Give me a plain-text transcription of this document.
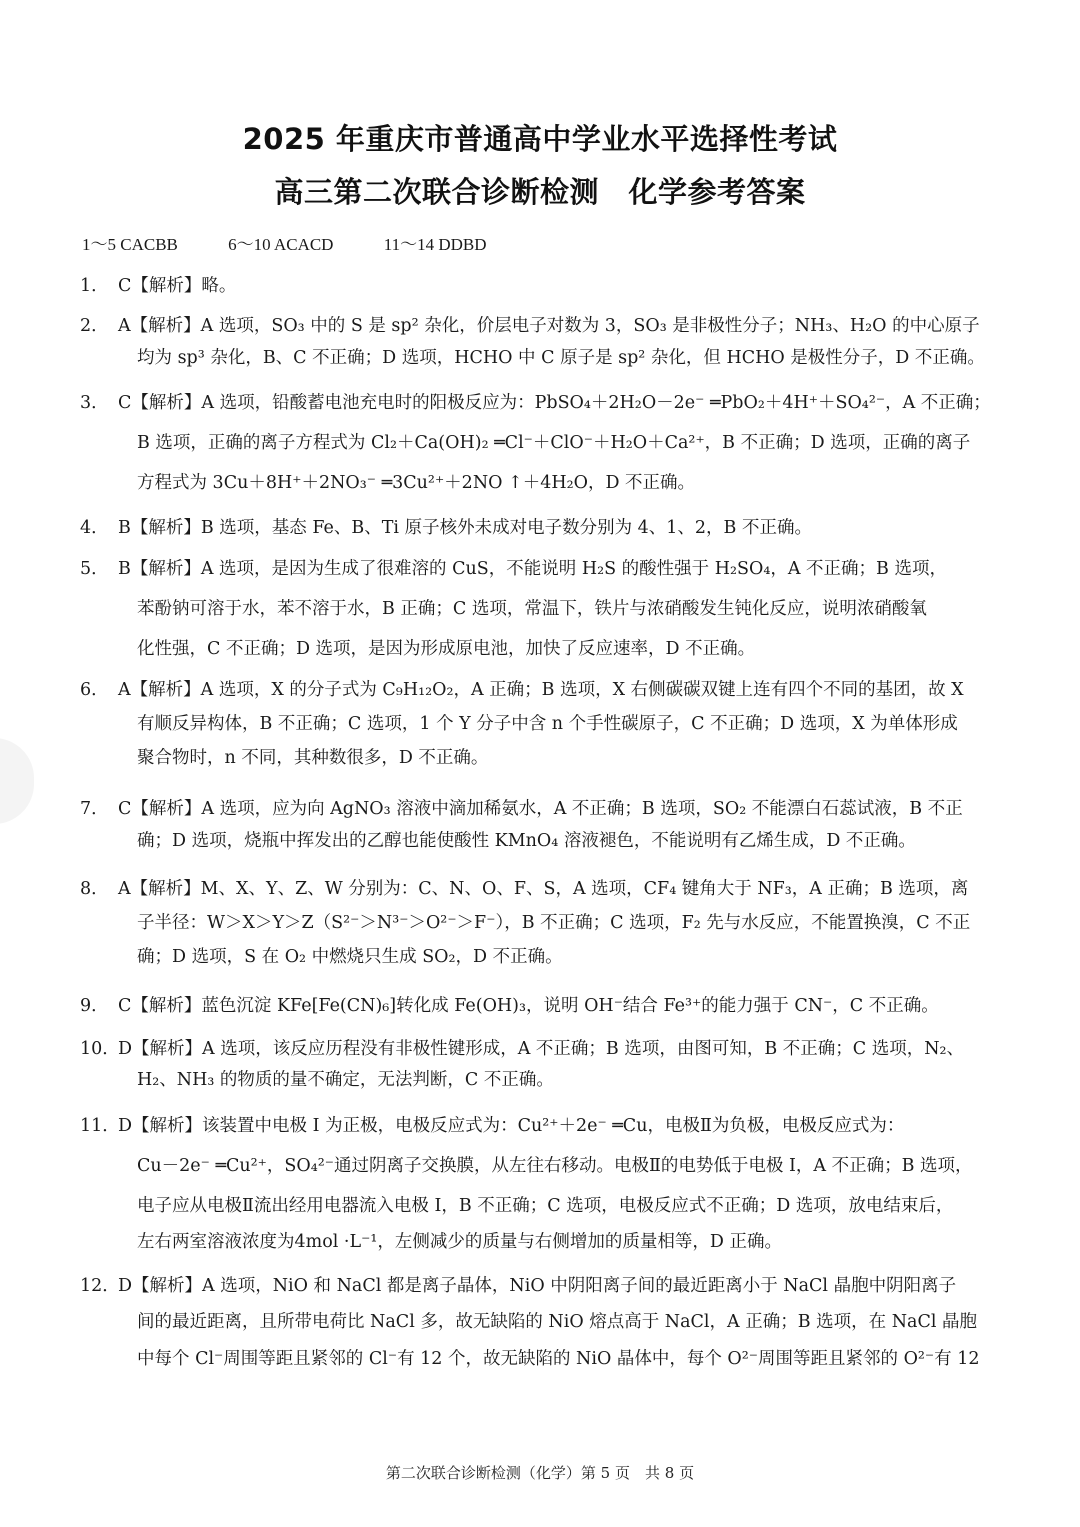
2025 年重庆市普通高中学业水平选择性考试
高三第二次联合诊断检测　化学参考答案
1～5 CACBB	6～10 ACACD	11～14 DDBD
1． C【解析】略。
2． A【解析】A 选项，SO₃ 中的 S 是 sp² 杂化，价层电子对数为 3，SO₃ 是非极性分子；NH₃、H₂O 的中心原子
均为 sp³ 杂化，B、C 不正确；D 选项，HCHO 中 C 原子是 sp² 杂化，但 HCHO 是极性分子，D 不正确。
3． C【解析】A 选项，铅酸蓄电池充电时的阳极反应为：PbSO₄＋2H₂O－2e⁻ ═PbO₂＋4H⁺＋SO₄²⁻，A 不正确；
B 选项，正确的离子方程式为 Cl₂＋Ca(OH)₂ ═Cl⁻＋ClO⁻＋H₂O＋Ca²⁺，B 不正确；D 选项，正确的离子
方程式为 3Cu＋8H⁺＋2NO₃⁻ ═3Cu²⁺＋2NO ↑＋4H₂O，D 不正确。
4． B【解析】B 选项，基态 Fe、B、Ti 原子核外未成对电子数分别为 4、1、2，B 不正确。
5． B【解析】A 选项，是因为生成了很难溶的 CuS，不能说明 H₂S 的酸性强于 H₂SO₄，A 不正确；B 选项，
苯酚钠可溶于水，苯不溶于水，B 正确；C 选项，常温下，铁片与浓硝酸发生钝化反应，说明浓硝酸氧
化性强，C 不正确；D 选项，是因为形成原电池，加快了反应速率，D 不正确。
6． A【解析】A 选项，X 的分子式为 C₉H₁₂O₂，A 正确；B 选项，X 右侧碳碳双键上连有四个不同的基团，故 X
有顺反异构体，B 不正确；C 选项，1 个 Y 分子中含 n 个手性碳原子，C 不正确；D 选项，X 为单体形成
聚合物时，n 不同，其种数很多，D 不正确。
7． C【解析】A 选项，应为向 AgNO₃ 溶液中滴加稀氨水，A 不正确；B 选项，SO₂ 不能漂白石蕊试液，B 不正
确；D 选项，烧瓶中挥发出的乙醇也能使酸性 KMnO₄ 溶液褪色，不能说明有乙烯生成，D 不正确。
8． A【解析】M、X、Y、Z、W 分别为：C、N、O、F、S，A 选项，CF₄ 键角大于 NF₃，A 正确；B 选项，离
子半径：W＞X＞Y＞Z（S²⁻＞N³⁻＞O²⁻＞F⁻），B 不正确；C 选项，F₂ 先与水反应，不能置换溴，C 不正
确；D 选项，S 在 O₂ 中燃烧只生成 SO₂，D 不正确。
9． C【解析】蓝色沉淀 KFe[Fe(CN)₆]转化成 Fe(OH)₃，说明 OH⁻结合 Fe³⁺的能力强于 CN⁻，C 不正确。
10．D【解析】A 选项，该反应历程没有非极性键形成，A 不正确；B 选项，由图可知，B 不正确；C 选项，N₂、
H₂、NH₃ 的物质的量不确定，无法判断，C 不正确。
11．D【解析】该装置中电极 Ⅰ 为正极，电极反应式为：Cu²⁺＋2e⁻ ═Cu，电极Ⅱ为负极，电极反应式为：
Cu－2e⁻ ═Cu²⁺，SO₄²⁻通过阴离子交换膜，从左往右移动。电极Ⅱ的电势低于电极 Ⅰ，A 不正确；B 选项，
电子应从电极Ⅱ流出经用电器流入电极 Ⅰ，B 不正确；C 选项，电极反应式不正确；D 选项，放电结束后，
左右两室溶液浓度为4mol ·L⁻¹，左侧减少的质量与右侧增加的质量相等，D 正确。
12．D【解析】A 选项，NiO 和 NaCl 都是离子晶体，NiO 中阴阳离子间的最近距离小于 NaCl 晶胞中阴阳离子
间的最近距离，且所带电荷比 NaCl 多，故无缺陷的 NiO 熔点高于 NaCl，A 正确；B 选项，在 NaCl 晶胞
中每个 Cl⁻周围等距且紧邻的 Cl⁻有 12 个，故无缺陷的 NiO 晶体中，每个 O²⁻周围等距且紧邻的 O²⁻有 12
第二次联合诊断检测（化学）第 5 页　共 8 页
